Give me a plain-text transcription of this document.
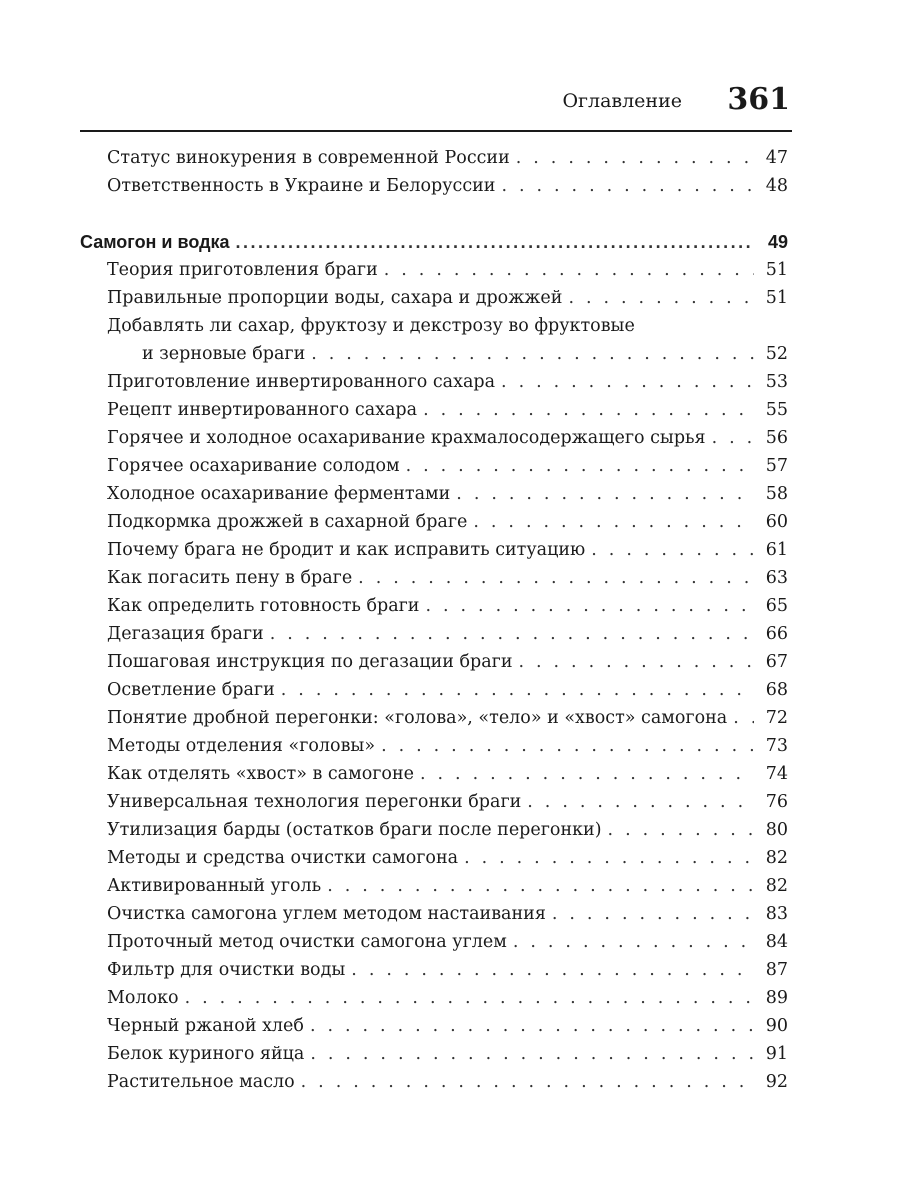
Оглавление 361
Статус винокурения в современной России . . .	47
Ответственность в Украине и Белоруссии . . .	48
Самогон и водка .....	49
Теория приготовления браги . . .	51
Правильные пропорции воды, сахара и дрожжей . . .	51
Добавлять ли сахар, фруктозу и декстрозу во фруктовые
и зерновые браги . . .	52
Приготовление инвертированного сахара . . .	53
Рецепт инвертированного сахара . . .	55
Горячее и холодное осахаривание крахмалосодержащего сырья . . .	56
Горячее осахаривание солодом . . .	57
Холодное осахаривание ферментами . . .	58
Подкормка дрожжей в сахарной браге . . .	60
Почему брага не бродит и как исправить ситуацию . . .	61
Как погасить пену в браге . . .	63
Как определить готовность браги . . .	65
Дегазация браги . . .	66
Пошаговая инструкция по дегазации браги . . .	67
Осветление браги . . .	68
Понятие дробной перегонки: «голова», «тело» и «хвост» самогона . . .	72
Методы отделения «головы» . . .	73
Как отделять «хвост» в самогоне . . .	74
Универсальная технология перегонки браги . . .	76
Утилизация барды (остатков браги после перегонки) . . .	80
Методы и средства очистки самогона . . .	82
Активированный уголь . . .	82
Очистка самогона углем методом настаивания . . .	83
Проточный метод очистки самогона углем . . .	84
Фильтр для очистки воды . . .	87
Молоко . . .	89
Черный ржаной хлеб . . .	90
Белок куриного яйца . . .	91
Растительное масло . . .	92
